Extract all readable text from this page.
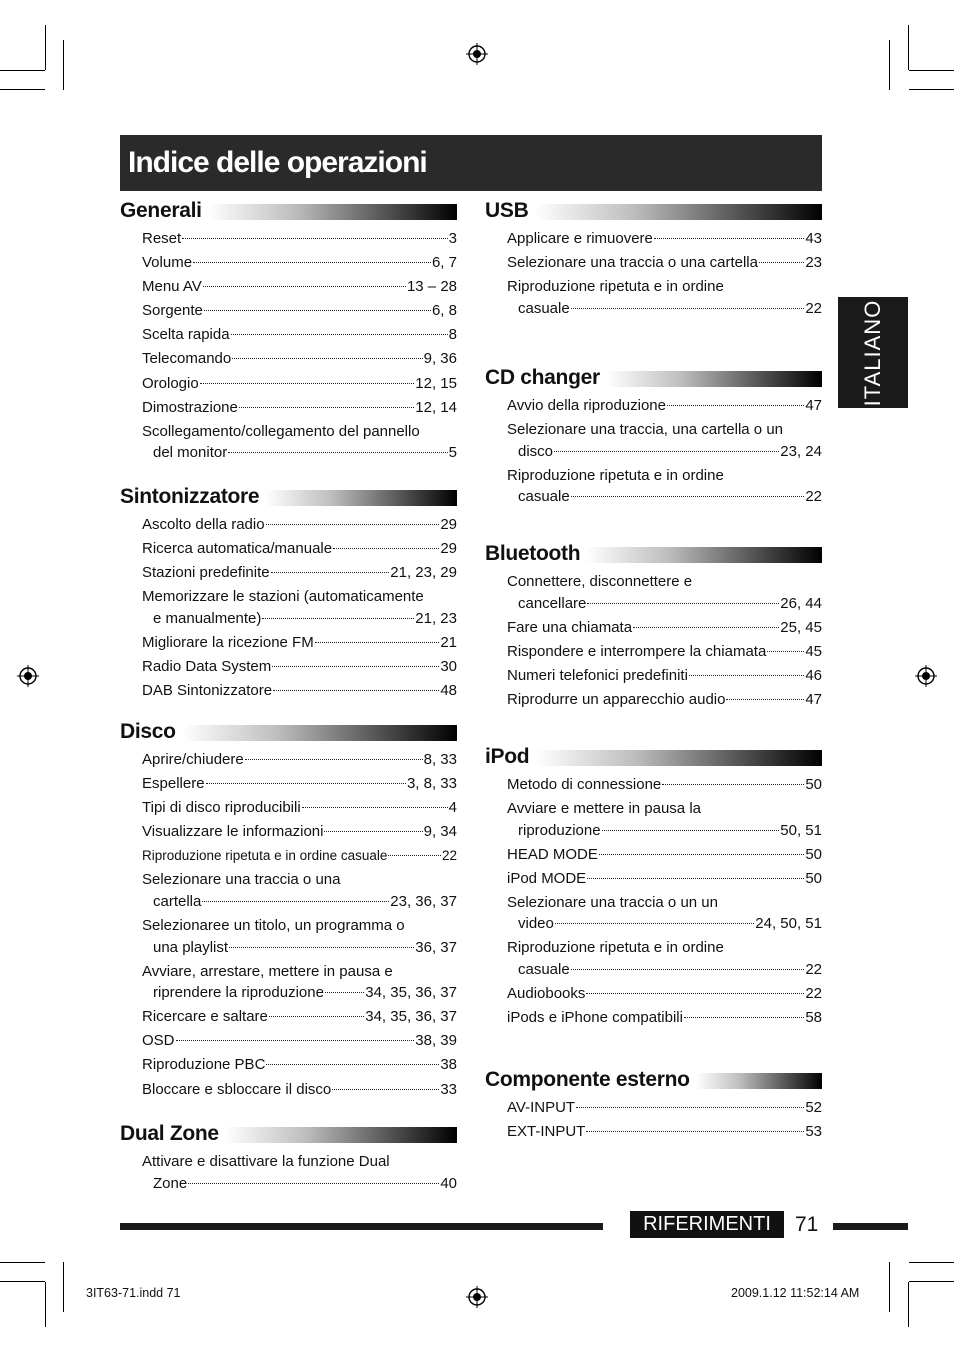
Indice delle operazioni
ITALIANO
Generali
Reset	3
Volume	6, 7
Menu AV	13 – 28
Sorgente	6, 8
Scelta rapida	8
Telecomando	9, 36
Orologio	12, 15
Dimostrazione	12, 14
Scollegamento/collegamento del pannello
del monitor	5
Sintonizzatore
Ascolto della radio	29
Ricerca automatica/manuale	29
Stazioni predefinite	21, 23, 29
Memorizzare le stazioni (automaticamente
e manualmente)	21, 23
Migliorare la ricezione FM	21
Radio Data System	30
DAB Sintonizzatore	48
Disco
Aprire/chiudere	8, 33
Espellere	3, 8, 33
Tipi di disco riproducibili	4
Visualizzare le informazioni	9, 34
Riproduzione ripetuta e in ordine casuale	22
Selezionare una traccia o una
cartella	23, 36, 37
Selezionaree un titolo, un programma o
una playlist	36, 37
Avviare, arrestare, mettere in pausa e
riprendere la riproduzione	34, 35, 36, 37
Ricercare e saltare	34, 35, 36, 37
OSD	38, 39
Riproduzione PBC	38
Bloccare e sbloccare il disco	33
Dual Zone
Attivare e disattivare la funzione Dual
Zone	40
USB
Applicare e rimuovere	43
Selezionare una traccia o una cartella	23
Riproduzione ripetuta e in ordine
casuale	22
CD changer
Avvio della riproduzione	47
Selezionare una traccia, una cartella o un
disco	23, 24
Riproduzione ripetuta e in ordine
casuale	22
Bluetooth
Connettere, disconnettere e
cancellare	26, 44
Fare una chiamata	25, 45
Rispondere e interrompere la chiamata	45
Numeri telefonici predefiniti	46
Riprodurre un apparecchio audio	47
iPod
Metodo di connessione	50
Avviare e mettere in pausa la
riproduzione	50, 51
HEAD MODE	50
iPod MODE	50
Selezionare una traccia o un un
video	24, 50, 51
Riproduzione ripetuta e in ordine
casuale	22
Audiobooks	22
iPods e iPhone compatibili	58
Componente esterno
AV-INPUT	52
EXT-INPUT	53
RIFERIMENTI	71
3IT63-71.indd 71	2009.1.12 11:52:14 AM
